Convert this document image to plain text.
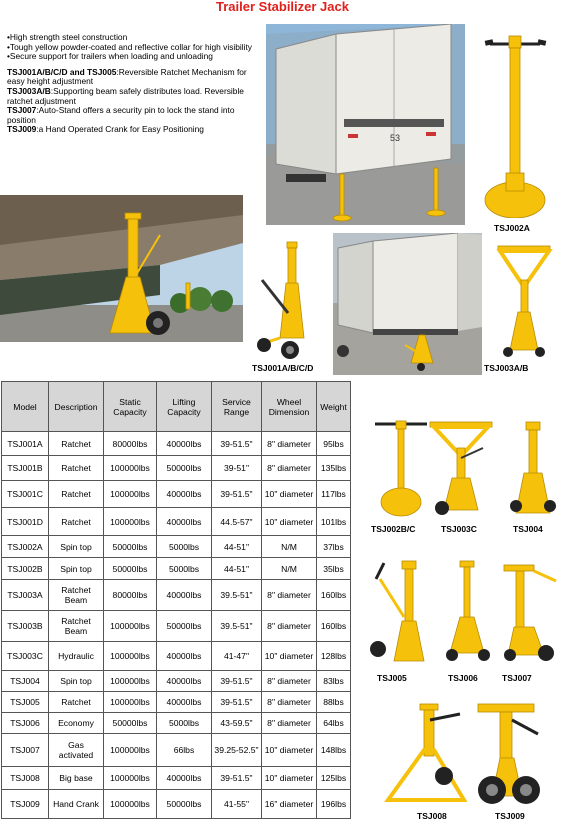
Trailer Stabilizer Jack

•High strength steel construction

•Tough yellow powder-coated and reflective collar for high visibility

•Secure support for trailers when loading and unloading

TSJ001A/B/C/D and TSJ005:Reversible Ratchet Mechanism for easy height adjustment

TSJ003A/B:Supporting beam safely distributes load. Reversible ratchet adjustment

TSJ007:Auto-Stand offers a security pin to lock the stand into position

TSJ009:a Hand Operated Crank for Easy Positioning

53
TSJ002A
TSJ001A/B/C/D	TSJ003A/B
Model	Description	Static Capacity	Lifting Capacity	Service Range	Wheel Dimension	Weight
TSJ001A	Ratchet	80000lbs	40000lbs	39-51.5"	8" diameter	95lbs
TSJ001B	Ratchet	100000lbs	50000lbs	39-51"	8" diameter	135lbs
TSJ001C	Ratchet	100000lbs	40000lbs	39-51.5"	10" diameter	117lbs
TSJ001D	Ratchet	100000lbs	40000lbs	44.5-57"	10" diameter	101lbs
TSJ002A	Spin top	50000lbs	5000lbs	44-51"	N/M	37lbs
TSJ002B	Spin top	50000lbs	5000lbs	44-51"	N/M	35lbs
TSJ003A	Ratchet Beam	80000lbs	40000lbs	39.5-51"	8" diameter	160lbs
TSJ003B	Ratchet Beam	100000lbs	50000lbs	39.5-51"	8" diameter	160lbs
TSJ003C	Hydraulic	100000lbs	40000lbs	41-47"	10" diameter	128lbs
TSJ004	Spin top	100000lbs	40000lbs	39-51.5"	8" diameter	83lbs
TSJ005	Ratchet	100000lbs	40000lbs	39-51.5"	8" diameter	88lbs
TSJ006	Economy	50000lbs	5000lbs	43-59.5"	8" diameter	64lbs
TSJ007	Gas activated	100000lbs	66lbs	39.25-52.5"	10" diameter	148lbs
TSJ008	Big base	100000lbs	40000lbs	39-51.5"	10" diameter	125lbs
TSJ009	Hand Crank	100000lbs	50000lbs	41-55"	16" diameter	196lbs
TSJ002B/C	TSJ003C	TSJ004
TSJ005	TSJ006	TSJ007
TSJ008	TSJ009
